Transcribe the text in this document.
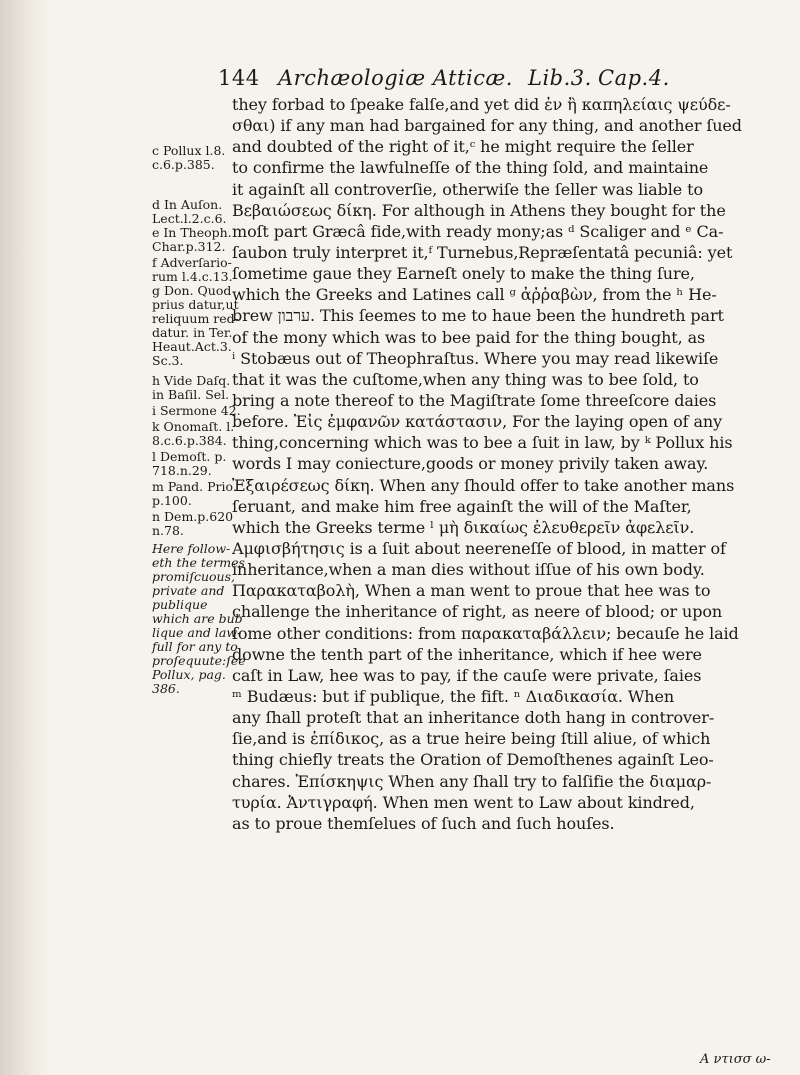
144 Archæologiæ Atticæ. Lib.3. Cap.4.
they forbad to ſpeake falſe,and yet did ἐν ἢ καπηλείαις ψεύδε-
σθαι) if any man had bargained for any thing, and another ſued
and doubted of the right of it,ᶜ he might require the ſeller
to confirme the lawfulneſſe of the thing ſold, and maintaine
it againſt all controverſie, otherwiſe the ſeller was liable to
Βεβαιώσεως δίκη. For although in Athens they bought for the
moſt part Græcâ fide,with ready mony;as ᵈ Scaliger and ᵉ Ca-
ſaubon truly interpret it,ᶠ Turnebus,Repræſentatâ pecuniâ: yet
ſometime gaue they Earneſt onely to make the thing ſure,
which the Greeks and Latines call ᵍ ἀῤῥαβὼν, from the ʰ He-
brew ערבון. This ſeemes to me to haue been the hundreth part
of the mony which was to bee paid for the thing bought, as
ⁱ Stobæus out of Theophraſtus. Where you may read likewiſe
that it was the cuſtome,when any thing was to bee ſold, to
bring a note thereof to the Magiſtrate ſome threeſcore daies
before. Ἐἰς ἐμφανῶν κατάστασιν, For the laying open of any
thing,concerning which was to bee a ſuit in law, by ᵏ Pollux his
words I may coniecture,goods or money privily taken away.
Ἐξαιρέσεως δίκη. When any ſhould offer to take another mans
ſeruant, and make him free againſt the will of the Maſter,
which the Greeks terme ˡ μὴ δικαίως ἐλευθερεῖν ἀφελεῖν.
Αμφισβήτησις is a ſuit about neereneſſe of blood, in matter of
inheritance,when a man dies without iſſue of his own body.
Παρακαταβολὴ, When a man went to proue that hee was to
challenge the inheritance of right, as neere of blood; or upon
ſome other conditions: from παρακαταβάλλειν; becauſe he laid
downe the tenth part of the inheritance, which if hee were
caſt in Law, hee was to pay, if the cauſe were private, ſaies
ᵐ Budæus: but if publique, the fift. ⁿ Διαδικασία. When
any ſhall proteſt that an inheritance doth hang in controver-
ſie,and is ἐπίδικος, as a true heire being ſtill aliue, of which
thing chiefly treats the Oration of Demoſthenes againſt Leo-
chares. Ἐπίσκηψις When any ſhall try to falſifie the διαμαρ-
τυρία. Ἀντιγραφή. When men went to Law about kindred,
as to proue themſelues of ſuch and ſuch houſes.
A ντισσ ω-
c Pollux l.8.
c.6.p.385.
d In Auſon.
Lect.l.2.c.6.
e In Theoph.
Char.p.312.
f Adverſario-
rum l.4.c.13.
g Don. Quod
prius datur,ut
reliquum red-
datur. in Ter.
Heaut.Act.3.
Sc.3.
h Vide Daſq.
in Baſil. Sel.
i Sermone 42.
k Onomaſt. l.
8.c.6.p.384.
l Demoſt. p.
718.n.29.
m Pand. Prio.
p.100.
n Dem.p.620
n.78.
Here follow-
eth the termes
promiſcuous,
private and
publique
which are bub
lique and law-
full for any to
proſequute:ſee
Pollux, pag.
386.
